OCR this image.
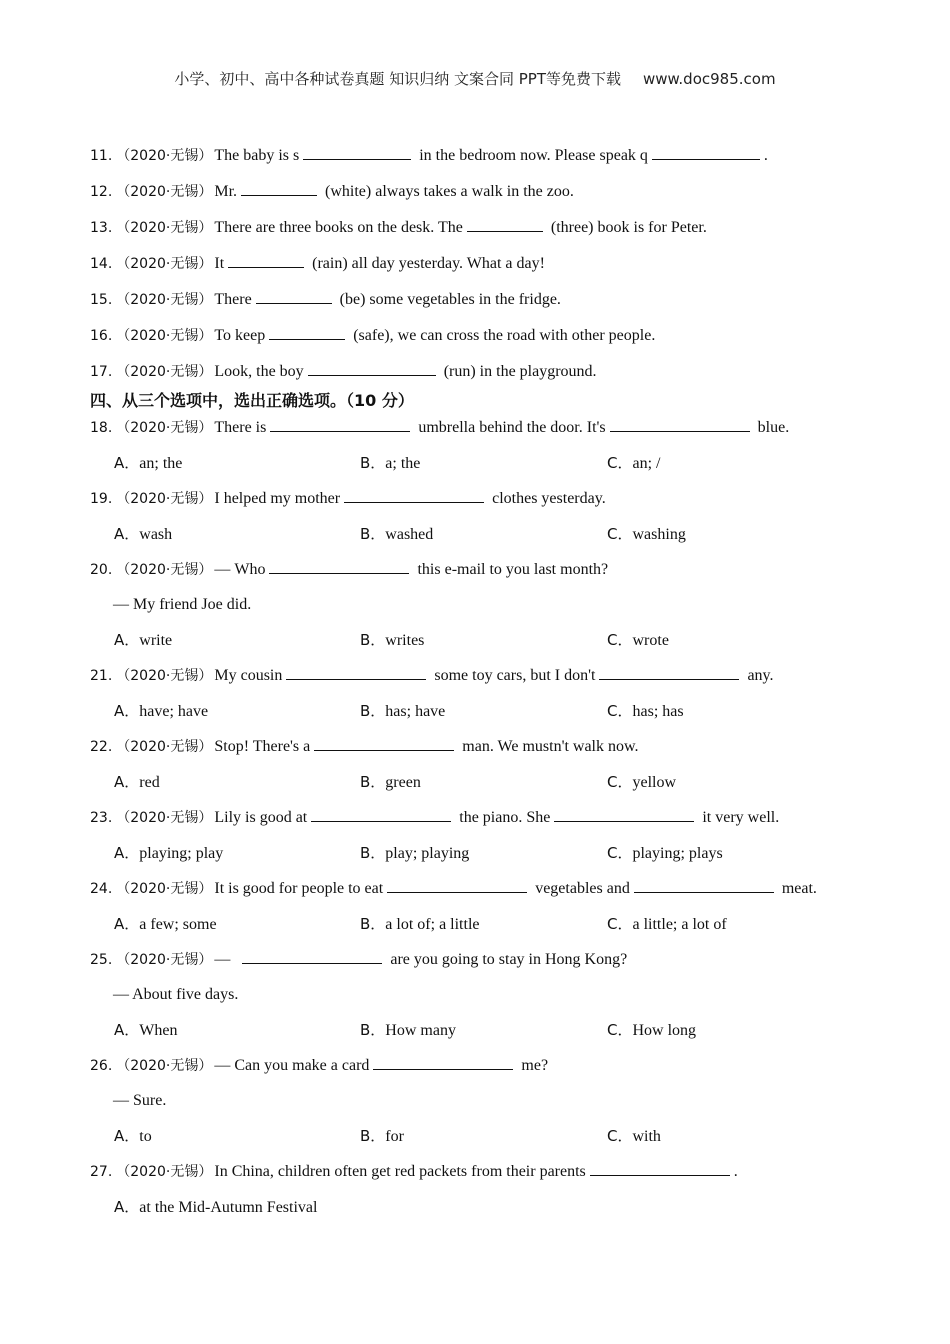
小学、初中、高中各种试卷真题 知识归纳 文案合同 PPT等免费下载 www.doc985.com
11. （2020·无锡） The baby is s	in the bedroom now. Please speak q	.
12. （2020·无锡） Mr.	(white) always takes a walk in the zoo.
13. （2020·无锡） There are three books on the desk. The	(three) book is for Peter.
14. （2020·无锡） It	(rain) all day yesterday. What a day!
15. （2020·无锡） There	(be) some vegetables in the fridge.
16. （2020·无锡） To keep	(safe), we can cross the road with other people.
17. （2020·无锡） Look, the boy	(run) in the playground.
四、从三个选项中，选出正确选项。（10 分）
18. （2020·无锡） There is	umbrella behind the door. It's	blue.
A．an; the	B．a; the	C．an; /
19. （2020·无锡） I helped my mother	clothes yesterday.
A．wash	B．washed	C．washing
20. （2020·无锡） — Who	this e-mail to you last month?
— My friend Joe did.
A．write	B．writes	C．wrote
21. （2020·无锡） My cousin	some toy cars, but I don't	any.
A．have; have	B．has; have	C．has; has
22. （2020·无锡） Stop! There's a	man. We mustn't walk now.
A．red	B．green	C．yellow
23. （2020·无锡） Lily is good at	the piano. She	it very well.
A．playing; play	B．play; playing	C．playing; plays
24. （2020·无锡） It is good for people to eat	vegetables and	meat.
A．a few; some	B．a lot of; a little	C．a little; a lot of
25. （2020·无锡） —	are you going to stay in Hong Kong?
— About five days.
A．When	B．How many	C．How long
26. （2020·无锡） — Can you make a card	me?
— Sure.
A．to	B．for	C．with
27. （2020·无锡） In China, children often get red packets from their parents	.
A．at the Mid-Autumn Festival
